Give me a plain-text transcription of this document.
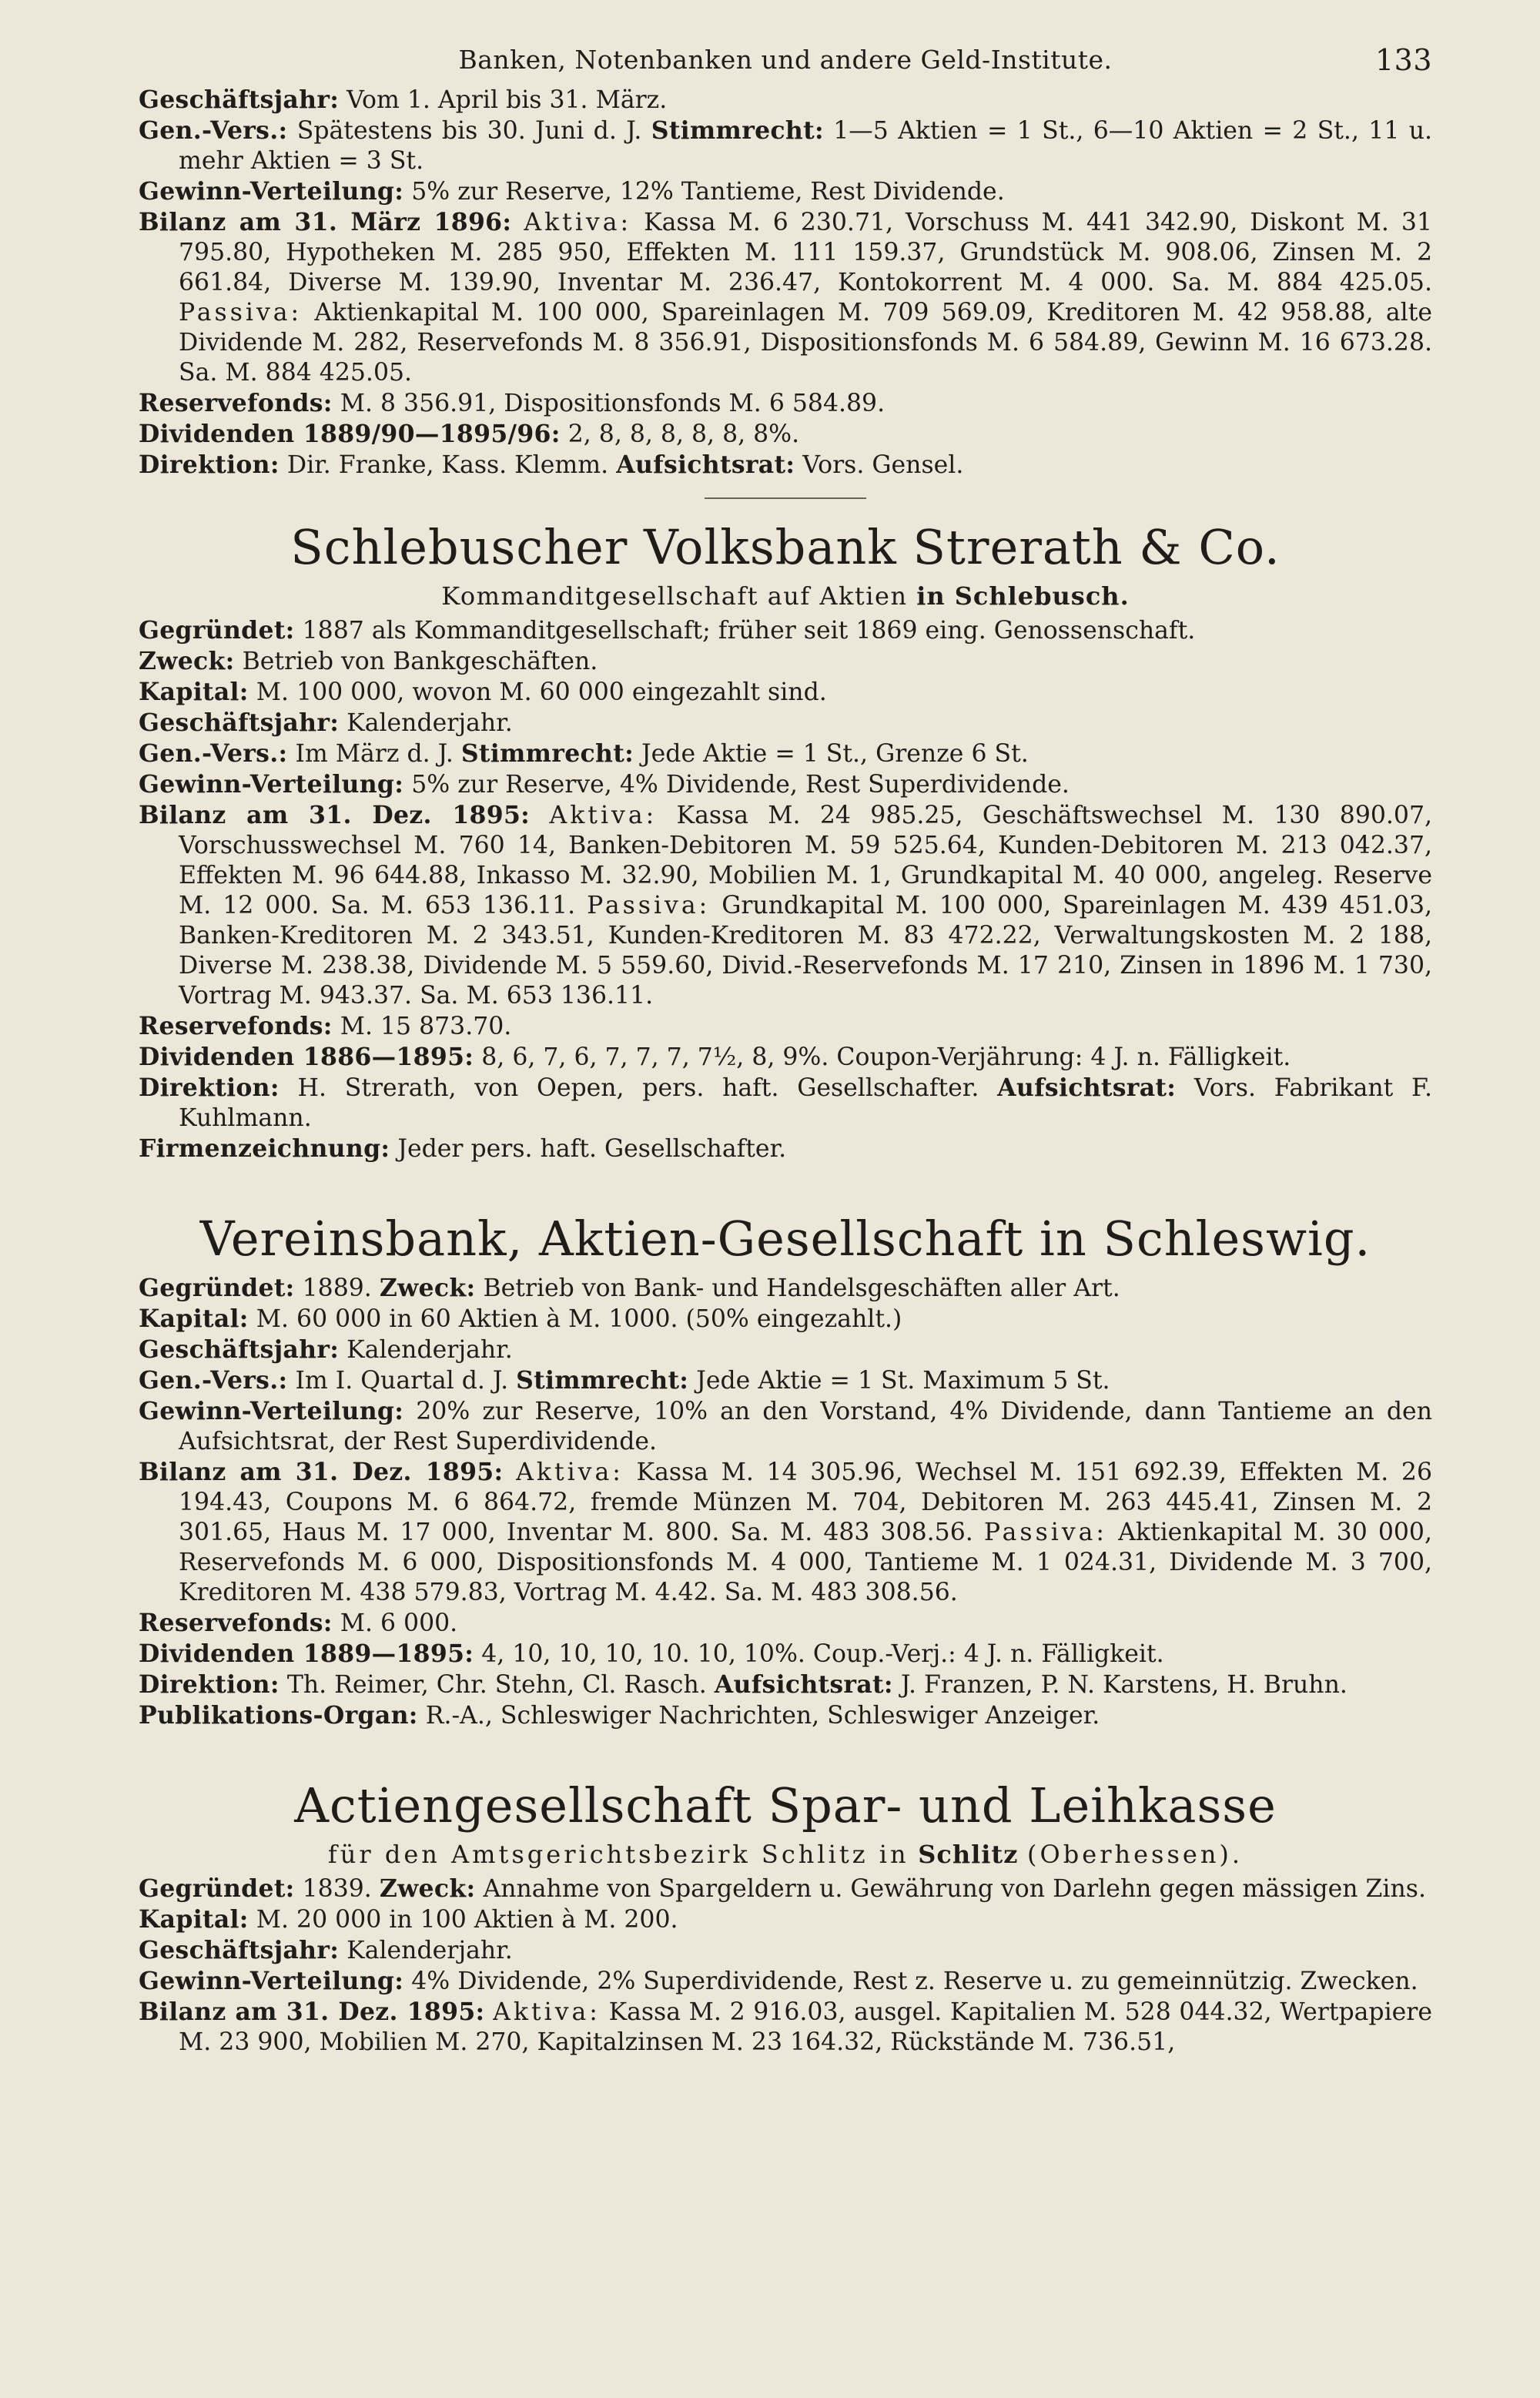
Banken, Notenbanken und andere Geld-Institute.	133

Geschäftsjahr: Vom 1. April bis 31. März.

Gen.-Vers.: Spätestens bis 30. Juni d. J. Stimmrecht: 1—5 Aktien = 1 St., 6—10 Aktien = 2 St., 11 u. mehr Aktien = 3 St.

Gewinn-Verteilung: 5% zur Reserve, 12% Tantieme, Rest Dividende.

Bilanz am 31. März 1896: Aktiva: Kassa M. 6 230.71, Vorschuss M. 441 342.90, Diskont M. 31 795.80, Hypotheken M. 285 950, Effekten M. 111 159.37, Grundstück M. 908.06, Zinsen M. 2 661.84, Diverse M. 139.90, Inventar M. 236.47, Kontokorrent M. 4 000. Sa. M. 884 425.05. Passiva: Aktienkapital M. 100 000, Spareinlagen M. 709 569.09, Kreditoren M. 42 958.88, alte Dividende M. 282, Reservefonds M. 8 356.91, Dispositionsfonds M. 6 584.89, Gewinn M. 16 673.28. Sa. M. 884 425.05.

Reservefonds: M. 8 356.91, Dispositionsfonds M. 6 584.89.

Dividenden 1889/90—1895/96: 2, 8, 8, 8, 8, 8, 8%.

Direktion: Dir. Franke, Kass. Klemm. Aufsichtsrat: Vors. Gensel.

Schlebuscher Volksbank Strerath & Co.
Kommanditgesellschaft auf Aktien in Schlebusch.

Gegründet: 1887 als Kommanditgesellschaft; früher seit 1869 eing. Genossenschaft.

Zweck: Betrieb von Bankgeschäften.

Kapital: M. 100 000, wovon M. 60 000 eingezahlt sind.

Geschäftsjahr: Kalenderjahr.

Gen.-Vers.: Im März d. J. Stimmrecht: Jede Aktie = 1 St., Grenze 6 St.

Gewinn-Verteilung: 5% zur Reserve, 4% Dividende, Rest Superdividende.

Bilanz am 31. Dez. 1895: Aktiva: Kassa M. 24 985.25, Geschäftswechsel M. 130 890.07, Vorschusswechsel M. 760 14, Banken-Debitoren M. 59 525.64, Kunden-Debitoren M. 213 042.37, Effekten M. 96 644.88, Inkasso M. 32.90, Mobilien M. 1, Grundkapital M. 40 000, angeleg. Reserve M. 12 000. Sa. M. 653 136.11. Passiva: Grundkapital M. 100 000, Spareinlagen M. 439 451.03, Banken-Kreditoren M. 2 343.51, Kunden-Kreditoren M. 83 472.22, Verwaltungskosten M. 2 188, Diverse M. 238.38, Dividende M. 5 559.60, Divid.-Reservefonds M. 17 210, Zinsen in 1896 M. 1 730, Vortrag M. 943.37. Sa. M. 653 136.11.

Reservefonds: M. 15 873.70.

Dividenden 1886—1895: 8, 6, 7, 6, 7, 7, 7, 7½, 8, 9%. Coupon-Verjährung: 4 J. n. Fälligkeit.

Direktion: H. Strerath, von Oepen, pers. haft. Gesellschafter. Aufsichtsrat: Vors. Fabrikant F. Kuhlmann.

Firmenzeichnung: Jeder pers. haft. Gesellschafter.

Vereinsbank, Aktien-Gesellschaft in Schleswig.

Gegründet: 1889. Zweck: Betrieb von Bank- und Handelsgeschäften aller Art.

Kapital: M. 60 000 in 60 Aktien à M. 1000. (50% eingezahlt.)

Geschäftsjahr: Kalenderjahr.

Gen.-Vers.: Im I. Quartal d. J. Stimmrecht: Jede Aktie = 1 St. Maximum 5 St.

Gewinn-Verteilung: 20% zur Reserve, 10% an den Vorstand, 4% Dividende, dann Tantieme an den Aufsichtsrat, der Rest Superdividende.

Bilanz am 31. Dez. 1895: Aktiva: Kassa M. 14 305.96, Wechsel M. 151 692.39, Effekten M. 26 194.43, Coupons M. 6 864.72, fremde Münzen M. 704, Debitoren M. 263 445.41, Zinsen M. 2 301.65, Haus M. 17 000, Inventar M. 800. Sa. M. 483 308.56. Passiva: Aktienkapital M. 30 000, Reservefonds M. 6 000, Dispositionsfonds M. 4 000, Tantieme M. 1 024.31, Dividende M. 3 700, Kreditoren M. 438 579.83, Vortrag M. 4.42. Sa. M. 483 308.56.

Reservefonds: M. 6 000.

Dividenden 1889—1895: 4, 10, 10, 10, 10. 10, 10%. Coup.-Verj.: 4 J. n. Fälligkeit.

Direktion: Th. Reimer, Chr. Stehn, Cl. Rasch. Aufsichtsrat: J. Franzen, P. N. Karstens, H. Bruhn.

Publikations-Organ: R.-A., Schleswiger Nachrichten, Schleswiger Anzeiger.

Actiengesellschaft Spar- und Leihkasse
für den Amtsgerichtsbezirk Schlitz in Schlitz (Oberhessen).

Gegründet: 1839. Zweck: Annahme von Spargeldern u. Gewährung von Darlehn gegen mässigen Zins.

Kapital: M. 20 000 in 100 Aktien à M. 200.

Geschäftsjahr: Kalenderjahr.

Gewinn-Verteilung: 4% Dividende, 2% Superdividende, Rest z. Reserve u. zu gemeinnützig. Zwecken.

Bilanz am 31. Dez. 1895: Aktiva: Kassa M. 2 916.03, ausgel. Kapitalien M. 528 044.32, Wertpapiere M. 23 900, Mobilien M. 270, Kapitalzinsen M. 23 164.32, Rückstände M. 736.51,
